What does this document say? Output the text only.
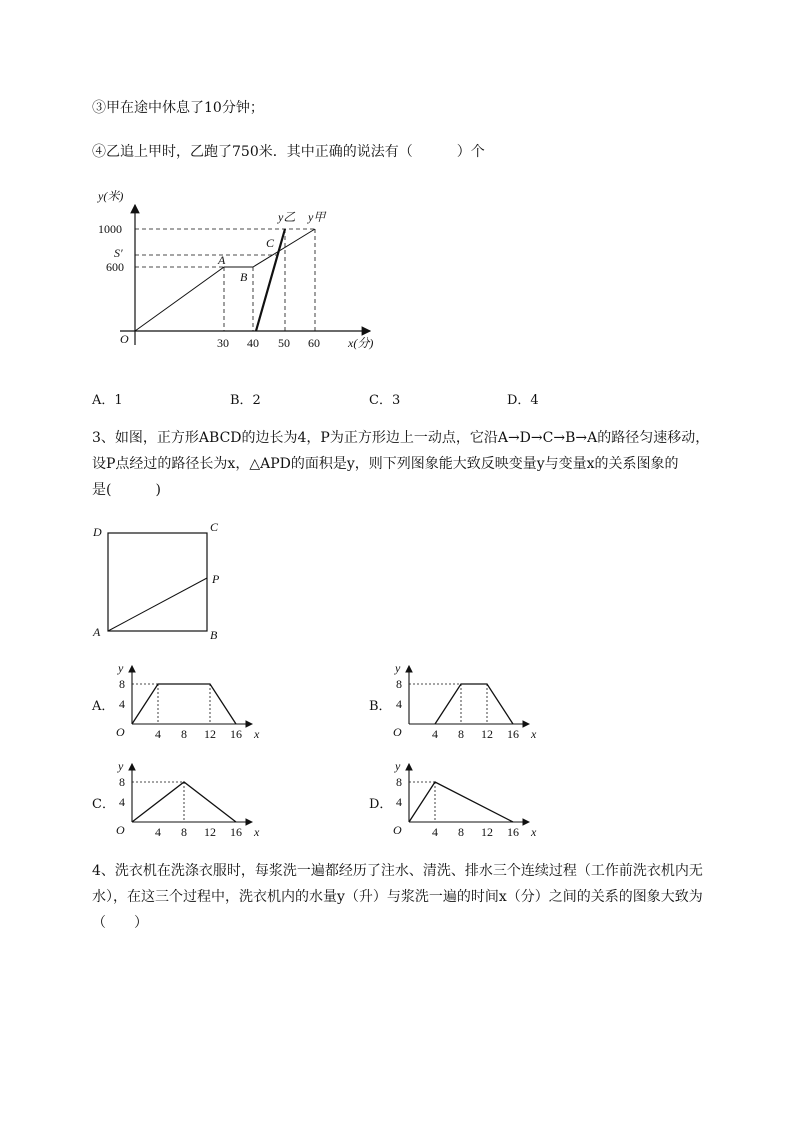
③甲在途中休息了10分钟；
④乙追上甲时，乙跑了750米．其中正确的说法有（	）个
y(米)
x(分)
O
1000
S′
600
30 40 50 60
A
B
C
y乙 y甲
A．1	B．2	C．3	D．4
3、如图，正方形ABCD的边长为4，P为正方形边上一动点，它沿A→D→C→B→A的路径匀速移动，
设P点经过的路径长为x，△APD的面积是y，则下列图象能大致反映变量y与变量x的关系图象的
是(	)
D	C
P
A	B
A．	B．
C．	D．
y
x
O
8
4
4 8 12 16
y
x
O
8
4
4 8 12 16
y
x
O
8
4
4 8 12 16
y
x
O
8
4
4 8 12 16
4、洗衣机在洗涤衣服时，每浆洗一遍都经历了注水、清洗、排水三个连续过程（工作前洗衣机内无
水），在这三个过程中，洗衣机内的水量y（升）与浆洗一遍的时间x（分）之间的关系的图象大致为
（　　）
